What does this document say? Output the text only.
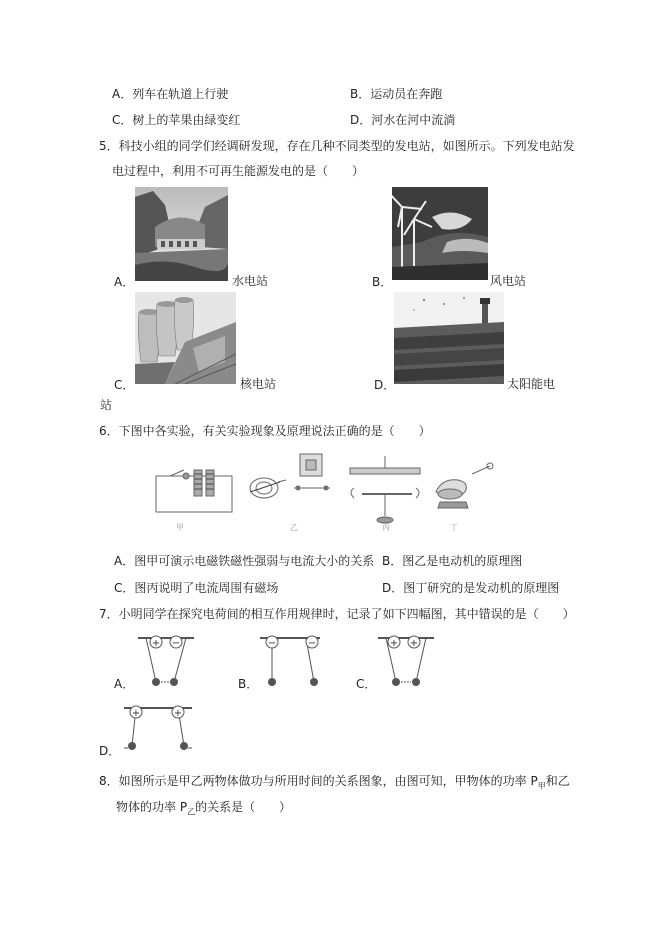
A．列车在轨道上行驶	B．运动员在奔跑
C．树上的苹果由绿变红	D．河水在河中流淌
5．科技小组的同学们经调研发现，存在几种不同类型的发电站，如图所示。下列发电站发
电过程中，利用不可再生能源发电的是（　　）
A．	水电站	B．	风电站
C．	核电站	D．	太阳能电
站
6．下图中各实验，有关实验现象及原理说法正确的是（　　）
甲	乙	丙	丁
A．图甲可演示电磁铁磁性强弱与电流大小的关系 B．图乙是电动机的原理图
C．图丙说明了电流周围有磁场	D．图丁研究的是发动机的原理图
7．小明同学在探究电荷间的相互作用规律时，记录了如下四幅图，其中错误的是（　　）
+ −
A．
−	−
B．
+ +
C．
+	+
D．
8．如图所示是甲乙两物体做功与所用时间的关系图象，由图可知，甲物体的功率 $P_甲$和乙
物体的功率 $P_乙$的关系是（　　）
